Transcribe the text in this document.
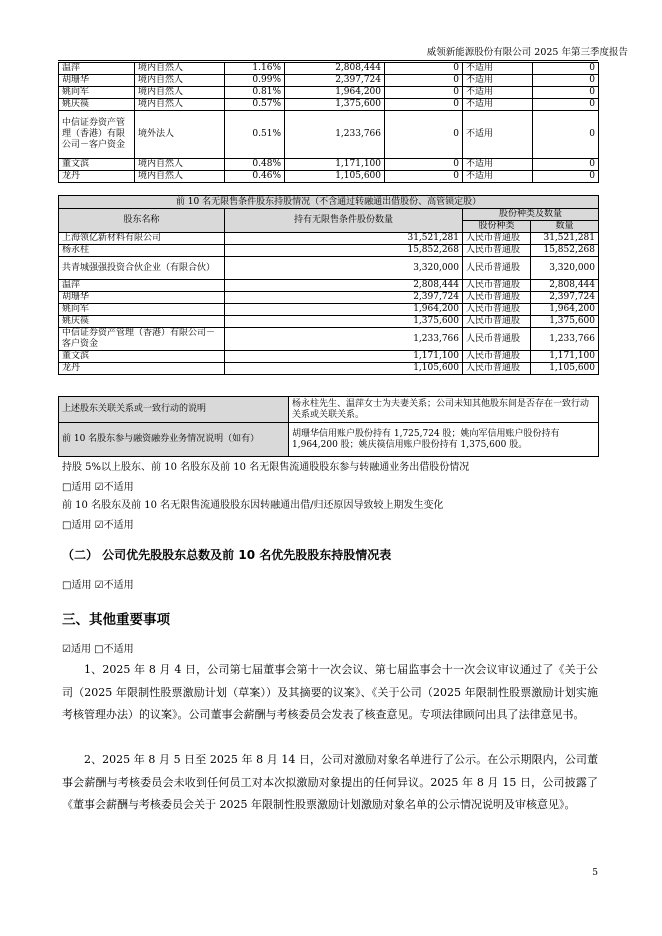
威领新能源股份有限公司 2025 年第三季度报告
温萍	境内自然人	1.16%	2,808,444	0	不适用	0
胡珊华	境内自然人	0.99%	2,397,724	0	不适用	0
姚向军	境内自然人	0.81%	1,964,200	0	不适用	0
姚庆篌	境内自然人	0.57%	1,375,600	0	不适用	0
中信证券资产管理（香港）有限公司－客户资金	境外法人	0.51%	1,233,766	0	不适用	0
董文滨	境内自然人	0.48%	1,171,100	0	不适用	0
龙丹	境内自然人	0.46%	1,105,600	0	不适用	0
前 10 名无限售条件股东持股情况（不含通过转融通出借股份、高管锁定股）			
股东名称	持有无限售条件股份数量	股份种类及数量	
		股份种类	数量
上海领亿新材料有限公司	31,521,281	人民币普通股	31,521,281
杨永柱	15,852,268	人民币普通股	15,852,268
共青城强强投资合伙企业（有限合伙）	3,320,000	人民币普通股	3,320,000
温萍	2,808,444	人民币普通股	2,808,444
胡珊华	2,397,724	人民币普通股	2,397,724
姚向军	1,964,200	人民币普通股	1,964,200
姚庆篌	1,375,600	人民币普通股	1,375,600
中信证券资产管理（香港）有限公司－客户资金	1,233,766	人民币普通股	1,233,766
董文滨	1,171,100	人民币普通股	1,171,100
龙丹	1,105,600	人民币普通股	1,105,600
上述股东关联关系或一致行动的说明	杨永柱先生、温萍女士为夫妻关系；公司未知其他股东间是否存在一致行动关系或关联关系。
前 10 名股东参与融资融券业务情况说明（如有）	胡珊华信用账户股份持有 1,725,724 股；姚向军信用账户股份持有 1,964,200 股；姚庆篌信用账户股份持有 1,375,600 股。
持股 5%以上股东、前 10 名股东及前 10 名无限售流通股股东参与转融通业务出借股份情况
□适用 ☑不适用
前 10 名股东及前 10 名无限售流通股股东因转融通出借/归还原因导致较上期发生变化
□适用 ☑不适用
（二） 公司优先股股东总数及前 10 名优先股股东持股情况表
□适用 ☑不适用
三、其他重要事项
☑适用 □不适用

1、2025 年 8 月 4 日，公司第七届董事会第十一次会议、第七届监事会十一次会议审议通过了《关于公司（2025 年限制性股票激励计划（草案））及其摘要的议案》、《关于公司（2025 年限制性股票激励计划实施考核管理办法）的议案》。公司董事会薪酬与考核委员会发表了核查意见。专项法律顾问出具了法律意见书。

2、2025 年 8 月 5 日至 2025 年 8 月 14 日，公司对激励对象名单进行了公示。在公示期限内，公司董事会薪酬与考核委员会未收到任何员工对本次拟激励对象提出的任何异议。2025 年 8 月 15 日，公司披露了《董事会薪酬与考核委员会关于 2025 年限制性股票激励计划激励对象名单的公示情况说明及审核意见》。

5
